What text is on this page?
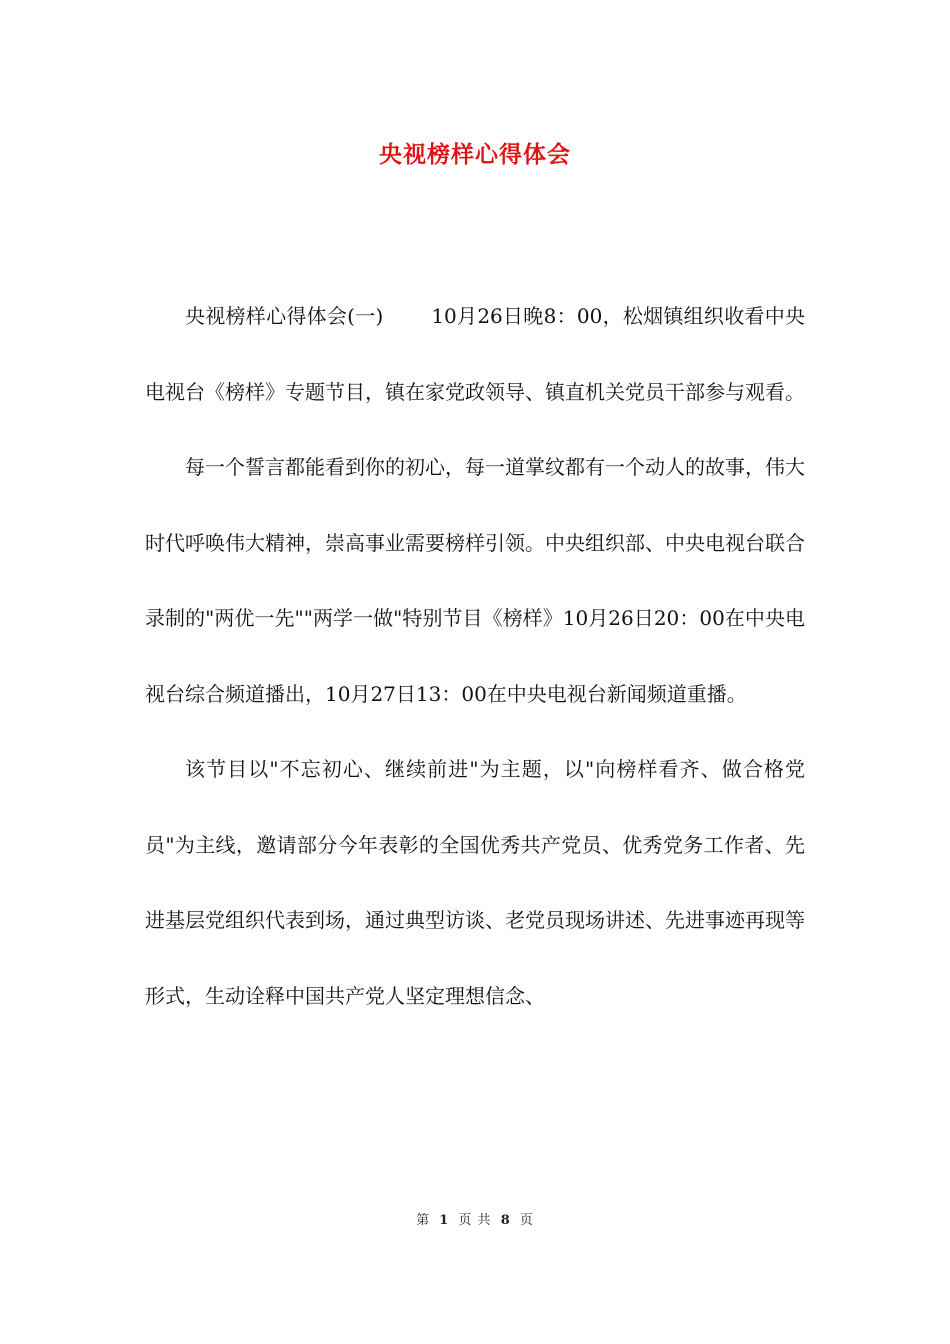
央视榜样心得体会

央视榜样心得体会(一) 10月26日晚8：00，松烟镇组织收看中央电视台《榜样》专题节目，镇在家党政领导、镇直机关党员干部参与观看。

每一个誓言都能看到你的初心，每一道掌纹都有一个动人的故事，伟大时代呼唤伟大精神，崇高事业需要榜样引领。中央组织部、中央电视台联合录制的"两优一先""两学一做"特别节目《榜样》10月26日20：00在中央电视台综合频道播出，10月27日13：00在中央电视台新闻频道重播。

该节目以"不忘初心、继续前进"为主题，以"向榜样看齐、做合格党员"为主线，邀请部分今年表彰的全国优秀共产党员、优秀党务工作者、先进基层党组织代表到场，通过典型访谈、老党员现场讲述、先进事迹再现等形式，生动诠释中国共产党人坚定理想信念、

第 1 页 共 8 页
